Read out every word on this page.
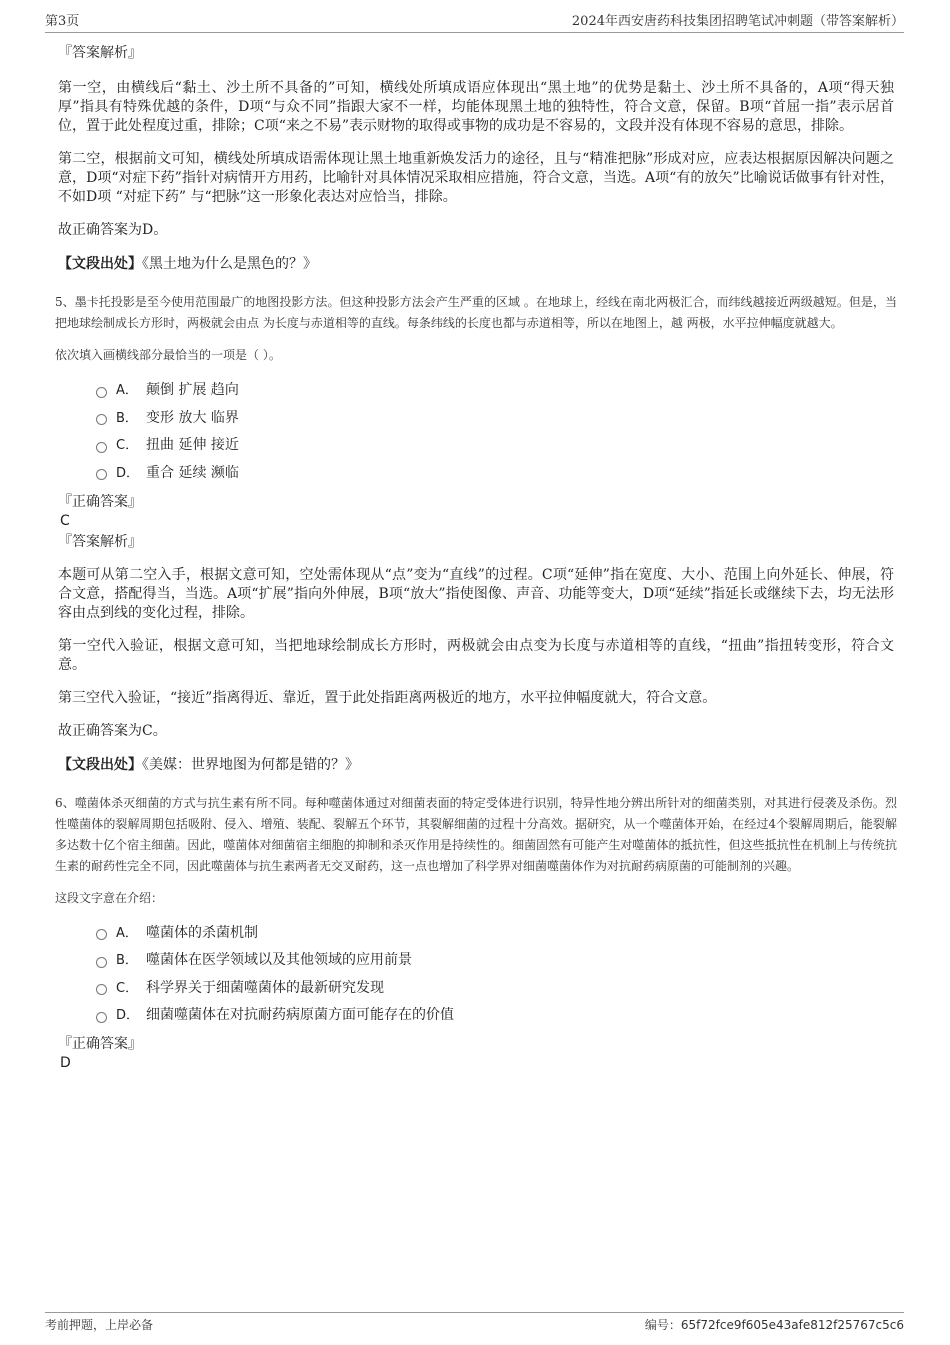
第3页	2024年西安唐药科技集团招聘笔试冲刺题（带答案解析）
『答案解析』

第一空，由横线后“黏土、沙土所不具备的”可知，横线处所填成语应体现出“黑土地”的优势是黏土、沙土所不具备的，A项“得天独厚”指具有特殊优越的条件，D项“与众不同”指跟大家不一样，均能体现黑土地的独特性，符合文意，保留。B项“首屈一指”表示居首位，置于此处程度过重，排除；C项“来之不易”表示财物的取得或事物的成功是不容易的，文段并没有体现不容易的意思，排除。

第二空，根据前文可知，横线处所填成语需体现让黑土地重新焕发活力的途径，且与“精准把脉”形成对应，应表达根据原因解决问题之意，D项“对症下药”指针对病情开方用药，比喻针对具体情况采取相应措施，符合文意，当选。A项“有的放矢”比喻说话做事有针对性，不如D项 “对症下药” 与“把脉”这一形象化表达对应恰当，排除。

故正确答案为D。

【文段出处】《黑土地为什么是黑色的？》

5、墨卡托投影是至今使用范围最广的地图投影方法。但这种投影方法会产生严重的区域 。在地球上，经线在南北两极汇合，而纬线越接近两级越短。但是，当把地球绘制成长方形时，两极就会由点 为长度与赤道相等的直线。每条纬线的长度也都与赤道相等，所以在地图上，越 两极，水平拉伸幅度就越大。

依次填入画横线部分最恰当的一项是（ ）。
A． 颠倒 扩展 趋向
B． 变形 放大 临界
C． 扭曲 延伸 接近
D． 重合 延续 濒临
『正确答案』
C
『答案解析』

本题可从第二空入手，根据文意可知，空处需体现从“点”变为“直线”的过程。C项“延伸”指在宽度、大小、范围上向外延长、伸展，符合文意，搭配得当，当选。A项“扩展”指向外伸展，B项“放大”指使图像、声音、功能等变大，D项“延续”指延长或继续下去，均无法形容由点到线的变化过程，排除。

第一空代入验证，根据文意可知，当把地球绘制成长方形时，两极就会由点变为长度与赤道相等的直线，“扭曲”指扭转变形，符合文意。

第三空代入验证，“接近”指离得近、靠近，置于此处指距离两极近的地方，水平拉伸幅度就大，符合文意。

故正确答案为C。

【文段出处】《美媒：世界地图为何都是错的？》

6、噬菌体杀灭细菌的方式与抗生素有所不同。每种噬菌体通过对细菌表面的特定受体进行识别，特异性地分辨出所针对的细菌类别，对其进行侵袭及杀伤。烈性噬菌体的裂解周期包括吸附、侵入、增殖、装配、裂解五个环节，其裂解细菌的过程十分高效。据研究，从一个噬菌体开始，在经过4个裂解周期后，能裂解多达数十亿个宿主细菌。因此，噬菌体对细菌宿主细胞的抑制和杀灭作用是持续性的。细菌固然有可能产生对噬菌体的抵抗性，但这些抵抗性在机制上与传统抗生素的耐药性完全不同，因此噬菌体与抗生素两者无交叉耐药，这一点也增加了科学界对细菌噬菌体作为对抗耐药病原菌的可能制剂的兴趣。

这段文字意在介绍：
A． 噬菌体的杀菌机制
B． 噬菌体在医学领域以及其他领域的应用前景
C． 科学界关于细菌噬菌体的最新研究发现
D． 细菌噬菌体在对抗耐药病原菌方面可能存在的价值
『正确答案』
D
考前押题，上岸必备	编号：65f72fce9f605e43afe812f25767c5c6
